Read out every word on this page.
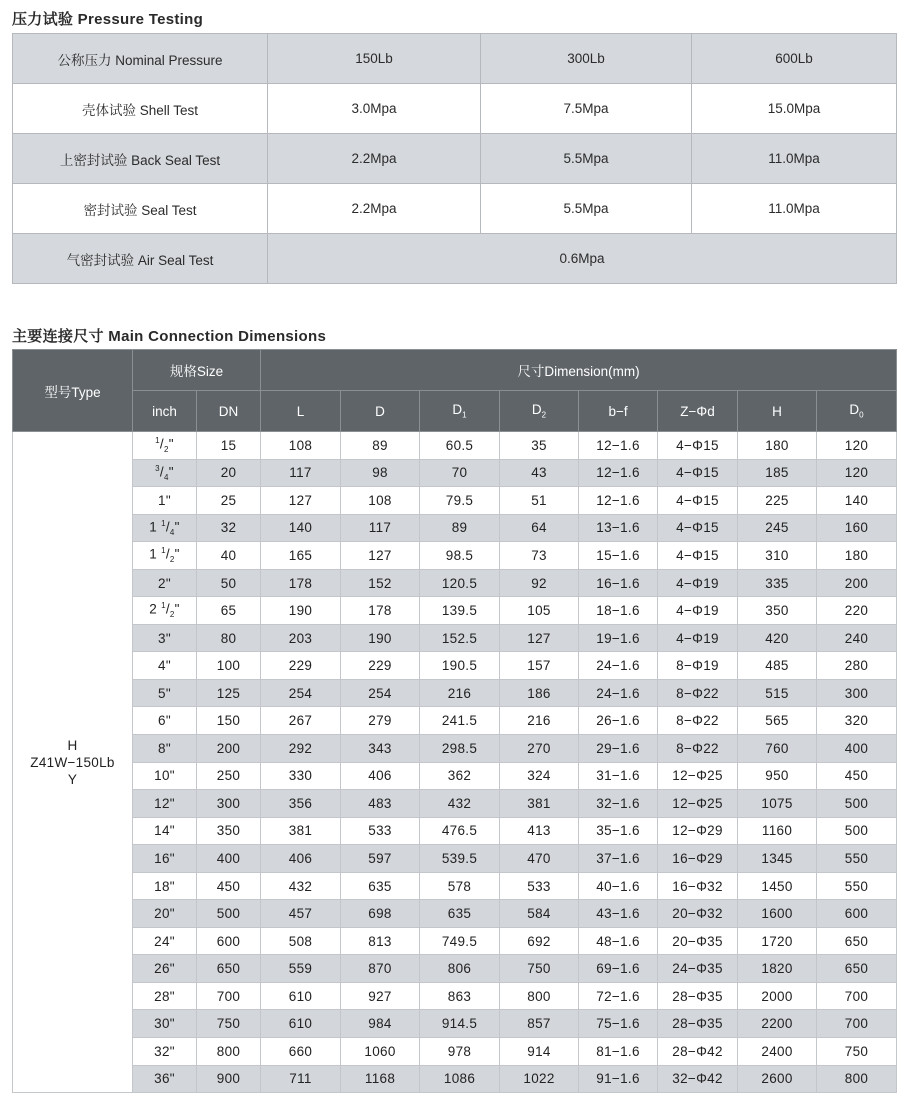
压力试验 Pressure Testing
公称压力 Nominal Pressure	150Lb	300Lb	600Lb
壳体试验 Shell Test	3.0Mpa	7.5Mpa	15.0Mpa
上密封试验 Back Seal Test	2.2Mpa	5.5Mpa	11.0Mpa
密封试验 Seal Test	2.2Mpa	5.5Mpa	11.0Mpa
气密封试验 Air Seal Test	0.6Mpa		
主要连接尺寸 Main Connection Dimensions
型号Type	规格Size		尺寸Dimension(mm)							
	inch	DN	L	D	$D_1$	$D_2$	b−f	Z−Φd	H	$D_0$

H
Z41W−150Lb
Y	$^1/_2$"	15	108	89	60.5	35	12−1.6	4−Φ15	180	120
	$^3/_4$"	20	117	98	70	43	12−1.6	4−Φ15	185	120
	1"	25	127	108	79.5	51	12−1.6	4−Φ15	225	140
	1 $^1/_4$"	32	140	117	89	64	13−1.6	4−Φ15	245	160
	1 $^1/_2$"	40	165	127	98.5	73	15−1.6	4−Φ15	310	180
	2"	50	178	152	120.5	92	16−1.6	4−Φ19	335	200
	2 $^1/_2$"	65	190	178	139.5	105	18−1.6	4−Φ19	350	220
	3"	80	203	190	152.5	127	19−1.6	4−Φ19	420	240
	4"	100	229	229	190.5	157	24−1.6	8−Φ19	485	280
	5"	125	254	254	216	186	24−1.6	8−Φ22	515	300
	6"	150	267	279	241.5	216	26−1.6	8−Φ22	565	320
	8"	200	292	343	298.5	270	29−1.6	8−Φ22	760	400
	10"	250	330	406	362	324	31−1.6	12−Φ25	950	450
	12"	300	356	483	432	381	32−1.6	12−Φ25	1075	500
	14"	350	381	533	476.5	413	35−1.6	12−Φ29	1160	500
	16"	400	406	597	539.5	470	37−1.6	16−Φ29	1345	550
	18"	450	432	635	578	533	40−1.6	16−Φ32	1450	550
	20"	500	457	698	635	584	43−1.6	20−Φ32	1600	600
	24"	600	508	813	749.5	692	48−1.6	20−Φ35	1720	650
	26"	650	559	870	806	750	69−1.6	24−Φ35	1820	650
	28"	700	610	927	863	800	72−1.6	28−Φ35	2000	700
	30"	750	610	984	914.5	857	75−1.6	28−Φ35	2200	700
	32"	800	660	1060	978	914	81−1.6	28−Φ42	2400	750
	36"	900	711	1168	1086	1022	91−1.6	32−Φ42	2600	800
